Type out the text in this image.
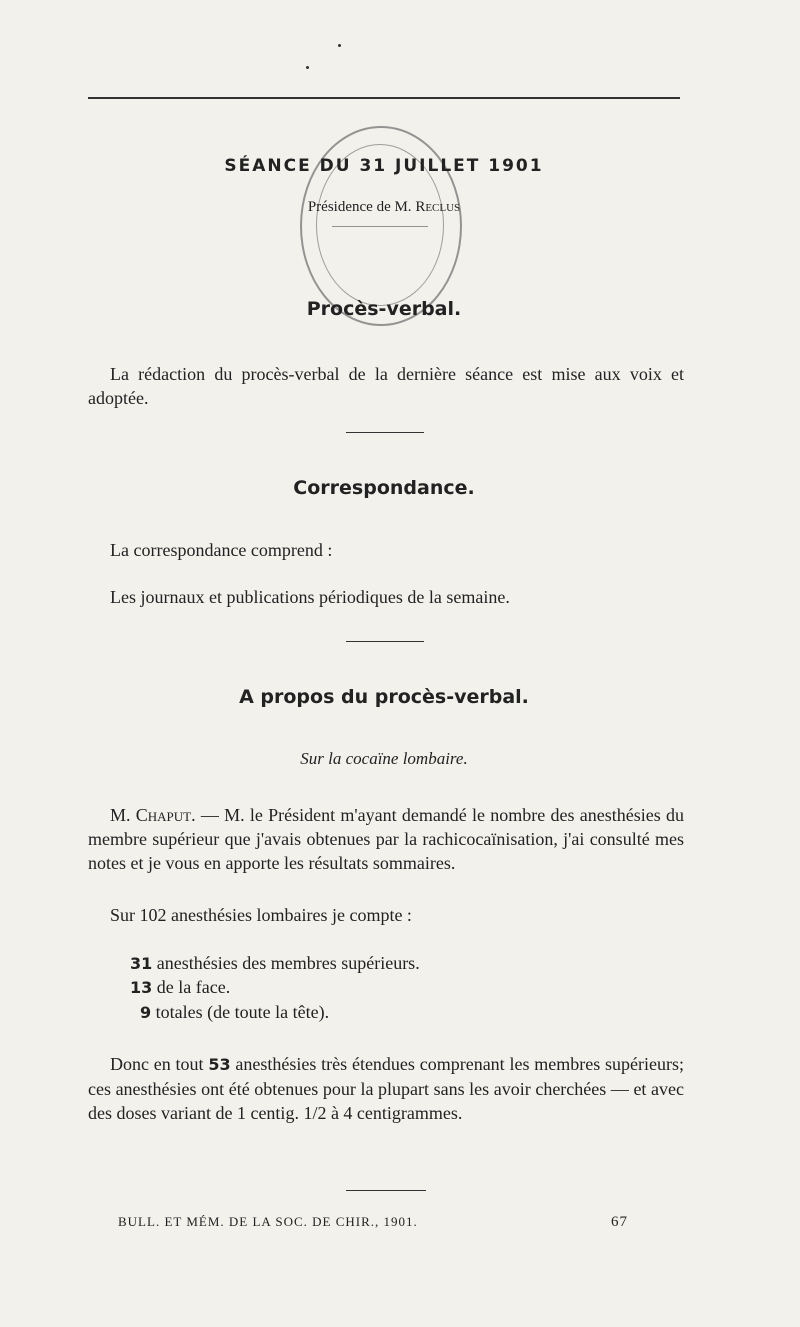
SÉANCE DU 31 JUILLET 1901
Présidence de M. Reclus
Procès-verbal.
La rédaction du procès-verbal de la dernière séance est mise aux voix et adoptée.
Correspondance.
La correspondance comprend :
Les journaux et publications périodiques de la semaine.
A propos du procès-verbal.
Sur la cocaïne lombaire.
M. Chaput. — M. le Président m'ayant demandé le nombre des anesthésies du membre supérieur que j'avais obtenues par la rachicocaïnisation, j'ai consulté mes notes et je vous en apporte les résultats sommaires.
Sur 102 anesthésies lombaires je compte :
31 anesthésies des membres supérieurs.
13 de la face.
9 totales (de toute la tête).
Donc en tout 53 anesthésies très étendues comprenant les membres supérieurs; ces anesthésies ont été obtenues pour la plupart sans les avoir cherchées — et avec des doses variant de 1 centig. 1/2 à 4 centigrammes.
BULL. ET MÉM. DE LA SOC. DE CHIR., 1901.	67
